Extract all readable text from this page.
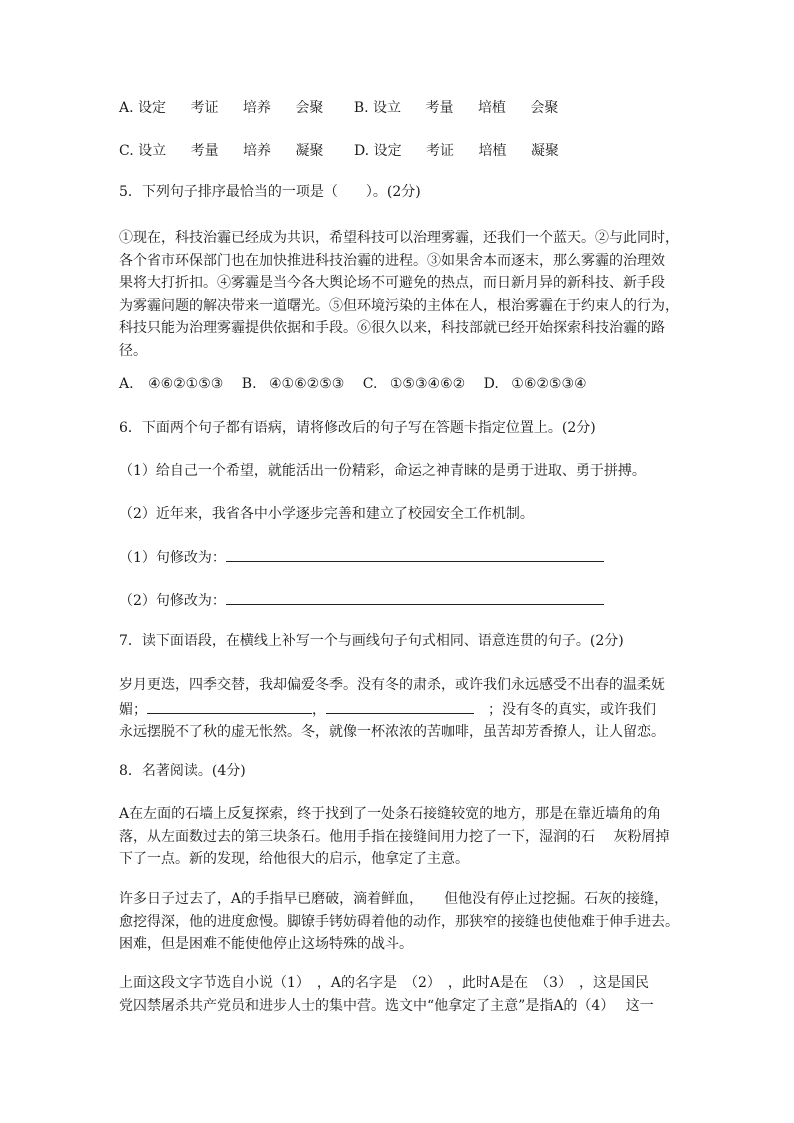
A. 设定 考证 培养 会聚 B. 设立 考量 培植 会聚
C. 设立 考量 培养 凝聚 D. 设定 考证 培植 凝聚
5．下列句子排序最恰当的一项是（　　）。(2分)
①现在，科技治霾已经成为共识，希望科技可以治理雾霾，还我们一个蓝天。②与此同时，
各个省市环保部门也在加快推进科技治霾的进程。③如果舍本而逐末，那么雾霾的治理效
果将大打折扣。④雾霾是当今各大舆论场不可避免的热点，而日新月异的新科技、新手段
为雾霾问题的解决带来一道曙光。⑤但环境污染的主体在人，根治雾霾在于约束人的行为，
科技只能为治理雾霾提供依据和手段。⑥很久以来，科技部就已经开始探索科技治霾的路
径。
A. ④⑥②①⑤③ B. ④①⑥②⑤③ C. ①⑤③④⑥② D. ①⑥②⑤③④
6．下面两个句子都有语病，请将修改后的句子写在答题卡指定位置上。(2分)
（1）给自己一个希望，就能活出一份精彩，命运之神青睐的是勇于进取、勇于拼搏。
（2）近年来，我省各中小学逐步完善和建立了校园安全工作机制。
（1）句修改为：
（2）句修改为：
7．读下面语段，在横线上补写一个与画线句子句式相同、语意连贯的句子。(2分)
岁月更迭，四季交替，我却偏爱冬季。没有冬的肃杀，或许我们永远感受不出春的温柔妩
媚；	，	；没有冬的真实，或许我们
永远摆脱不了秋的虚无怅然。冬，就像一杯浓浓的苦咖啡，虽苦却芳香撩人，让人留恋。
8．名著阅读。(4分)
A在左面的石墙上反复探索，终于找到了一处条石接缝较宽的地方，那是在靠近墙角的角
落，从左面数过去的第三块条石。他用手指在接缝间用力挖了一下，湿润的石　 灰粉屑掉
下了一点。新的发现，给他很大的启示，他拿定了主意。
许多日子过去了，A的手指早已磨破，滴着鲜血，　　但他没有停止过挖掘。石灰的接缝，
愈挖得深，他的进度愈慢。脚镣手铐妨碍着他的动作，那狭窄的接缝也使他难于伸手进去。
困难，但是困难不能使他停止这场特殊的战斗。
上面这段文字节选自小说（1）　，A的名字是　（2）　，此时A是在　（3）　，这是国民
党囚禁屠杀共产党员和进步人士的集中营。选文中“他拿定了主意”是指A的（4）　 这一
